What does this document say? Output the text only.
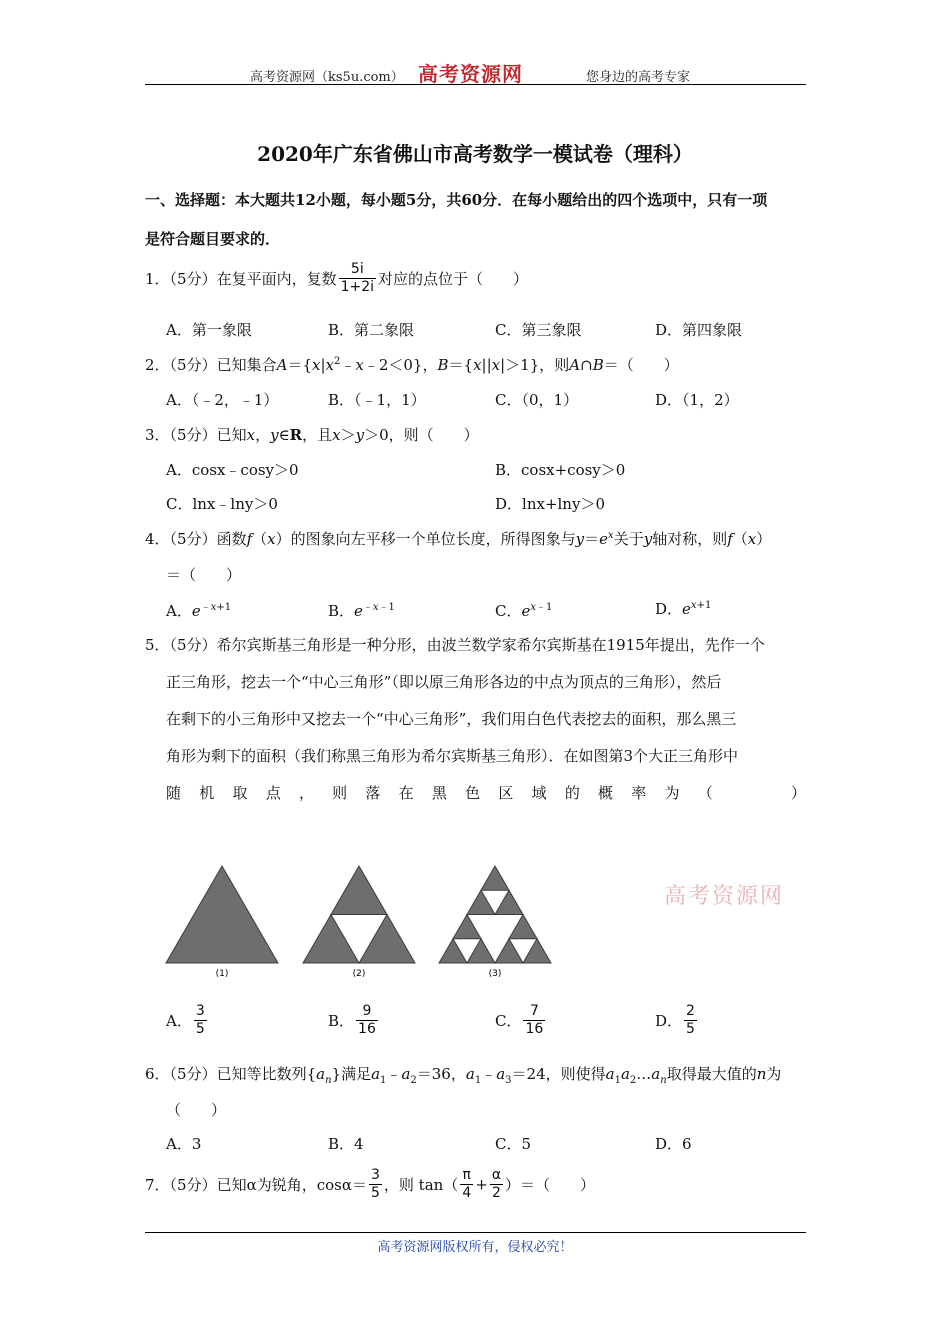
高考资源网（ks5u.com） 高考资源网	您身边的高考专家
2020年广东省佛山市高考数学一模试卷（理科）
一、选择题：本大题共12小题，每小题5分，共60分．在每小题给出的四个选项中，只有一项
是符合题目要求的．
1．（5分）在复平面内，复数 $\frac{5i}{1+2i}$ 对应的点位于（　　）
A．第一象限	B．第二象限	C．第三象限	D．第四象限
2．（5分）已知集合$A=\{x|x^2﹣x﹣2<0\}$，B＝{x||x|＞1}，则A∩B＝（　　）
A．（﹣2，﹣1）	B．（﹣1，1）	C．（0，1）	D．（1，2）
3．（5分）已知x，y∈R，且x＞y＞0，则（　　）
A．cosx﹣cosy＞0	B．cosx+cosy＞0
C．lnx﹣lny＞0	D．lnx+lny＞0
4．（5分）函数f（x）的图象向左平移一个单位长度，所得图象与$y=e^x$关于y轴对称，则f（x）
＝（　　）
A．$e^{﹣x+1}$	B．$e^{﹣x﹣1}$	C．$e^{x﹣1}$	D．$e^{x+1}$
5．（5分）希尔宾斯基三角形是一种分形，由波兰数学家希尔宾斯基在1915年提出，先作一个
正三角形，挖去一个“中心三角形”（即以原三角形各边的中点为顶点的三角形），然后
在剩下的小三角形中又挖去一个“中心三角形”，我们用白色代表挖去的面积，那么黑三
角形为剩下的面积（我们称黑三角形为希尔宾斯基三角形）．在如图第3个大正三角形中
随 机 取 点 ， 则 落 在 黑 色 区 域 的 概 率 为 （	）
(1)	(2)	(3)
高考资源网
A． $\frac{3}{5}$	B． $\frac{9}{16}$	C． $\frac{7}{16}$	D． $\frac{2}{5}$
6．（5分）已知等比数列$\{a_n\}$满足$a_1﹣a_2=36$，$a_1﹣a_3=24$，则使得$a_1a_2\dots a_n$取得最大值的n为
（　　）
A．3	B．4	C．5	D．6
7．（5分）已知α为锐角，$\cos\alpha= \frac{3}{5}$ ，则 $\tan( \frac{\pi}{4} + \frac{\alpha}{2}$ ）＝（　　）
高考资源网版权所有，侵权必究！
